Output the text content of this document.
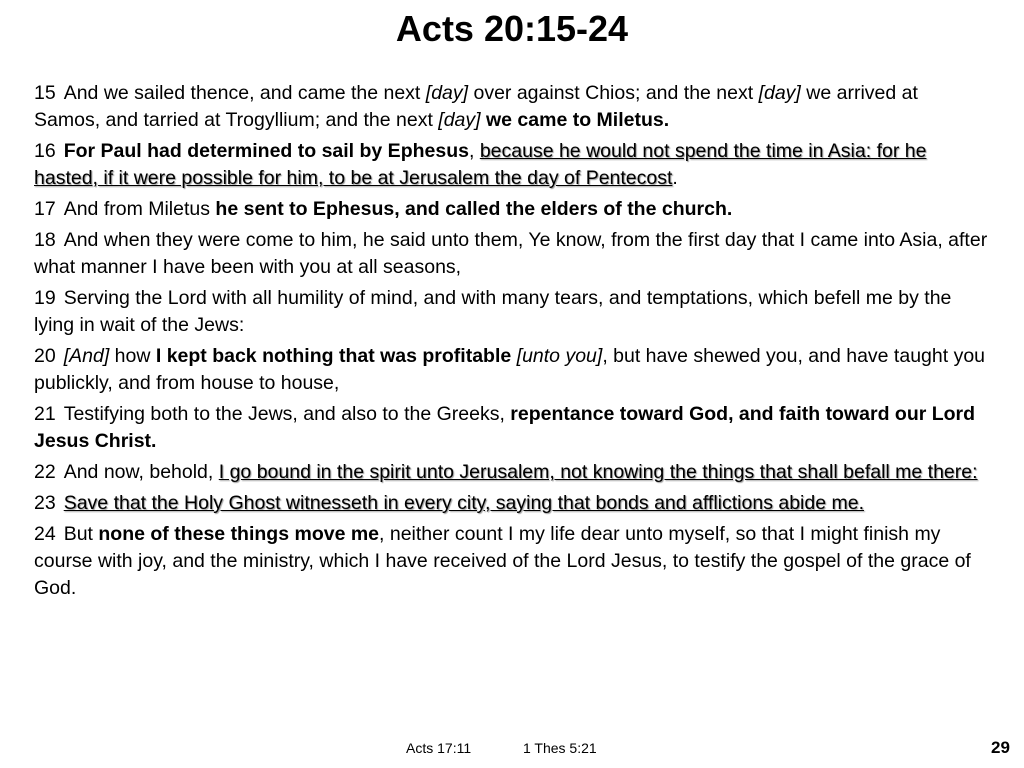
Acts 20:15-24

15 And we sailed thence, and came the next [day] over against Chios; and the next [day] we arrived at Samos, and tarried at Trogyllium; and the next [day] we came to Miletus.

16 For Paul had determined to sail by Ephesus, because he would not spend the time in Asia: for he hasted, if it were possible for him, to be at Jerusalem the day of Pentecost.

17 And from Miletus he sent to Ephesus, and called the elders of the church.

18 And when they were come to him, he said unto them, Ye know, from the first day that I came into Asia, after what manner I have been with you at all seasons,

19 Serving the Lord with all humility of mind, and with many tears, and temptations, which befell me by the lying in wait of the Jews:

20 [And] how I kept back nothing that was profitable [unto you], but have shewed you, and have taught you publickly, and from house to house,

21 Testifying both to the Jews, and also to the Greeks, repentance toward God, and faith toward our Lord Jesus Christ.

22 And now, behold, I go bound in the spirit unto Jerusalem, not knowing the things that shall befall me there:

23 Save that the Holy Ghost witnesseth in every city, saying that bonds and afflictions abide me.

24 But none of these things move me, neither count I my life dear unto myself, so that I might finish my course with joy, and the ministry, which I have received of the Lord Jesus, to testify the gospel of the grace of God.

Acts 17:11	1 Thes 5:21	29
